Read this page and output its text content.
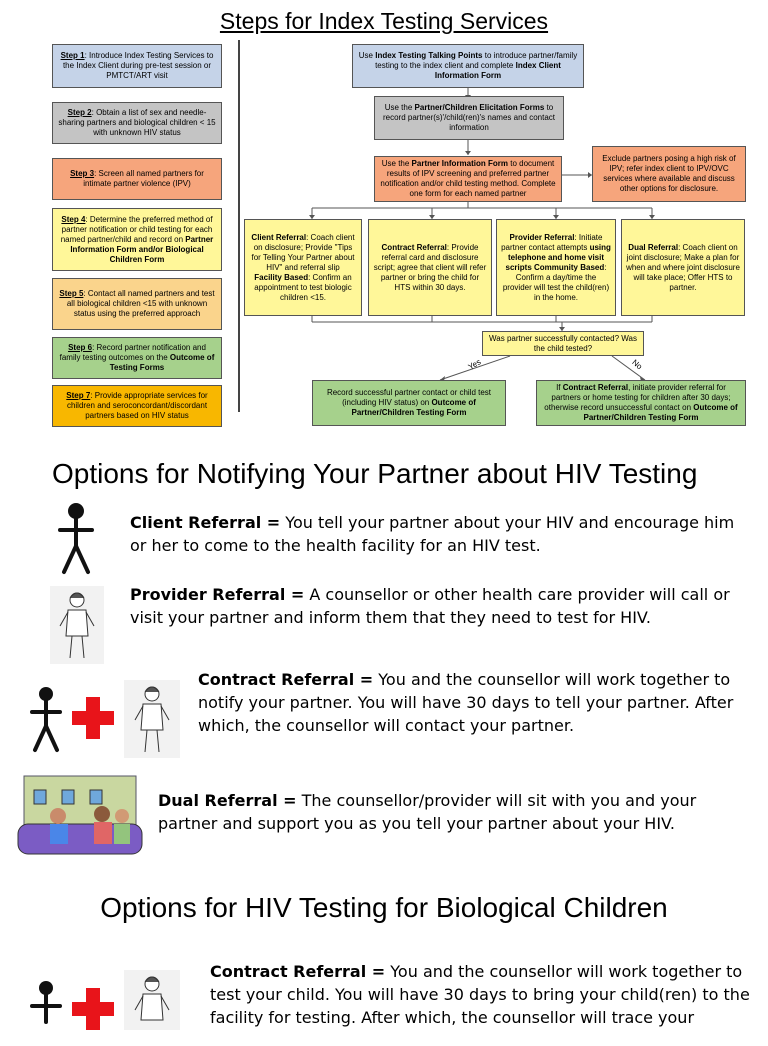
Steps for Index Testing Services
Step 1: Introduce Index Testing Services to the Index Client during pre-test session or PMTCT/ART visit
Step 2: Obtain a list of sex and needle-sharing partners and biological children < 15 with unknown HIV status
Step 3: Screen all named partners for intimate partner violence (IPV)
Step 4: Determine the preferred method of partner notification or child testing for each named partner/child and record on Partner Information Form and/or Biological Children Form
Step 5: Contact all named partners and test all biological children <15 with unknown status using the preferred approach
Step 6: Record partner notification and family testing outcomes on the Outcome of Testing Forms
Step 7: Provide appropriate services for children and seroconcordant/discordant partners based on HIV status
Use Index Testing Talking Points to introduce partner/family testing to the index client and complete Index Client Information Form
Use the Partner/Children Elicitation Forms to record partner(s)'/child(ren)'s names and contact information
Use the Partner Information Form to document results of IPV screening and preferred partner notification and/or child testing method. Complete one form for each named partner
Exclude partners posing a high risk of IPV; refer index client to IPV/OVC services where available and discuss other options for disclosure.
Client Referral: Coach client on disclosure; Provide "Tips for Telling Your Partner about HIV" and referral slip
Facility Based: Confirm an appointment to test biologic children <15.
Contract Referral: Provide referral card and disclosure script; agree that client will refer partner or bring the child for HTS within 30 days.
Provider Referral: Initiate partner contact attempts using telephone and home visit scripts Community Based: Confirm a day/time the provider will test the child(ren) in the home.
Dual Referral: Coach client on joint disclosure; Make a plan for when and where joint disclosure will take place; Offer HTS to partner.
Was partner successfully contacted? Was the child tested?
Yes	No
Record successful partner contact or child test (including HIV status) on Outcome of Partner/Children Testing Form
If Contract Referral, initiate provider referral for partners or home testing for children after 30 days; otherwise record unsuccessful contact on Outcome of Partner/Children Testing Form
Options for Notifying Your Partner about HIV Testing
Client Referral = You tell your partner about your HIV and encourage him or her to come to the health facility for an HIV test.
Provider Referral = A counsellor or other health care provider will call or visit your partner and inform them that they need to test for HIV.
Contract Referral = You and the counsellor will work together to notify your partner. You will have 30 days to tell your partner. After which, the counsellor will contact your partner.
Dual Referral = The counsellor/provider will sit with you and your partner and support you as you tell your partner about your HIV.
Options for HIV Testing for Biological Children
Contract Referral = You and the counsellor will work together to test your child. You will have 30 days to bring your child(ren) to the facility for testing. After which, the counsellor will trace your
